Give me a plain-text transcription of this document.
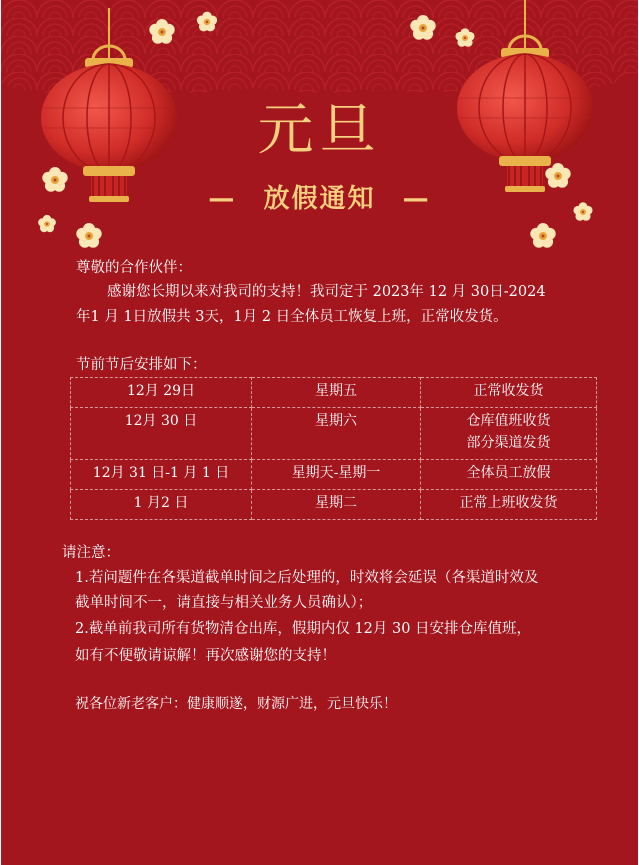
元旦
— 放假通知 —
尊敬的合作伙伴：
感谢您长期以来对我司的支持！我司定于 2023年 12 月 30日-2024
年1 月 1日放假共 3天，1月 2 日全体员工恢复上班，正常收发货。
节前节后安排如下：
12月 29日	星期五	正常收发货
12月 30 日	星期六	仓库值班收货
部分渠道发货

12月 31 日-1 月 1 日	星期天-星期一	全体员工放假
1 月2 日	星期二	正常上班收发货
请注意：
1.若问题件在各渠道截单时间之后处理的，时效将会延误（各渠道时效及
截单时间不一，请直接与相关业务人员确认）；
2.截单前我司所有货物清仓出库，假期内仅 12月 30 日安排仓库值班，
如有不便敬请谅解！再次感谢您的支持！
祝各位新老客户：健康顺遂，财源广进，元旦快乐！
